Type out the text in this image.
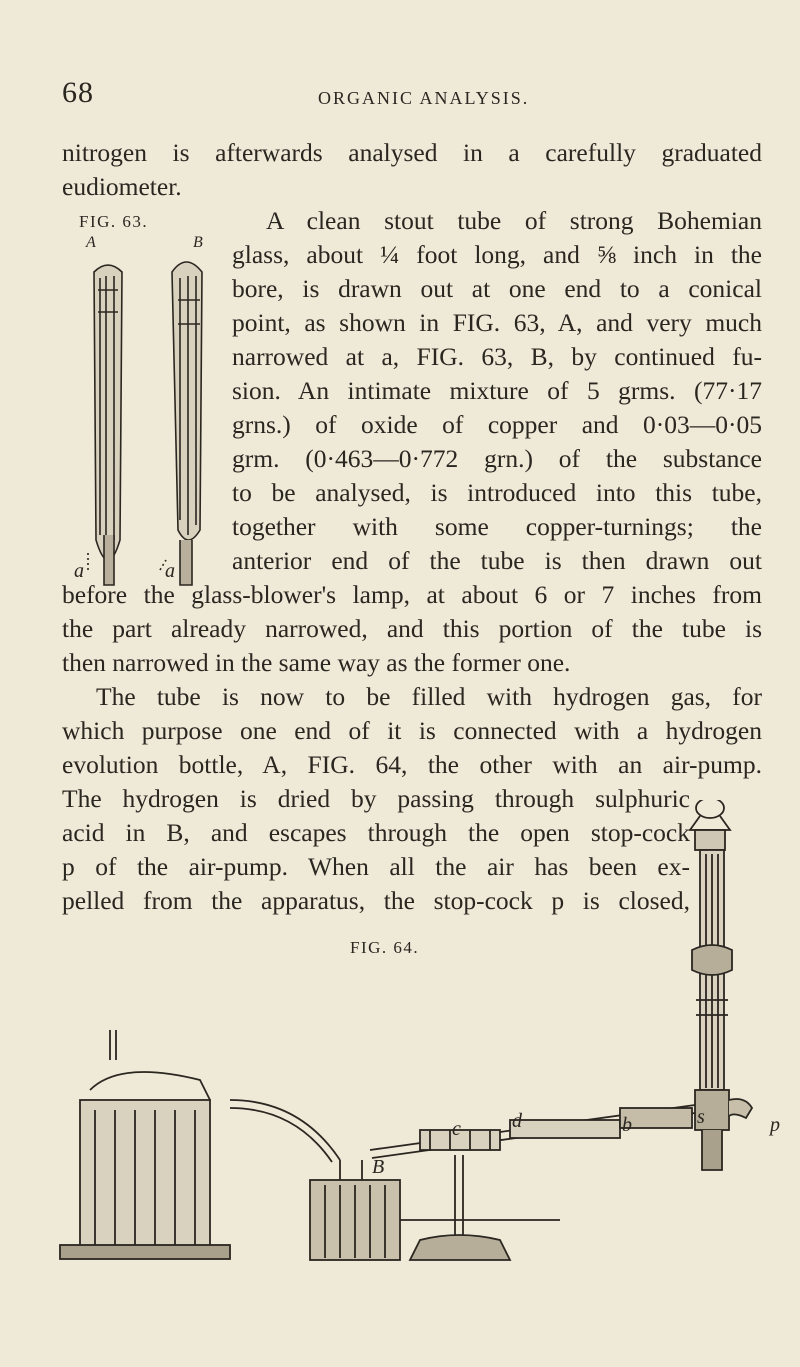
68	ORGANIC ANALYSIS.
nitrogen is afterwards analysed in a carefully graduated
eudiometer.
FIG. 63.
A	B
a	a
A clean stout tube of strong Bohemian
glass, about ¼ foot long, and ⅝ inch in the
bore, is drawn out at one end to a conical
point, as shown in FIG. 63, A, and very much
narrowed at a, FIG. 63, B, by continued fu-
sion. An intimate mixture of 5 grms. (77·17
grns.) of oxide of copper and 0·03—0·05
grm. (0·463—0·772 grn.) of the substance
to be analysed, is introduced into this tube,
together with some copper-turnings; the
anterior end of the tube is then drawn out
before the glass-blower's lamp, at about 6 or 7 inches from
the part already narrowed, and this portion of the tube is
then narrowed in the same way as the former one.
The tube is now to be filled with hydrogen gas, for
which purpose one end of it is connected with a hydrogen
evolution bottle, A, FIG. 64, the other with an air-pump.
The hydrogen is dried by passing through sulphuric
acid in B, and escapes through the open stop-cock
p of the air-pump. When all the air has been ex-
pelled from the apparatus, the stop-cock p is closed,
FIG. 64.
c	d	b	s	p
B
